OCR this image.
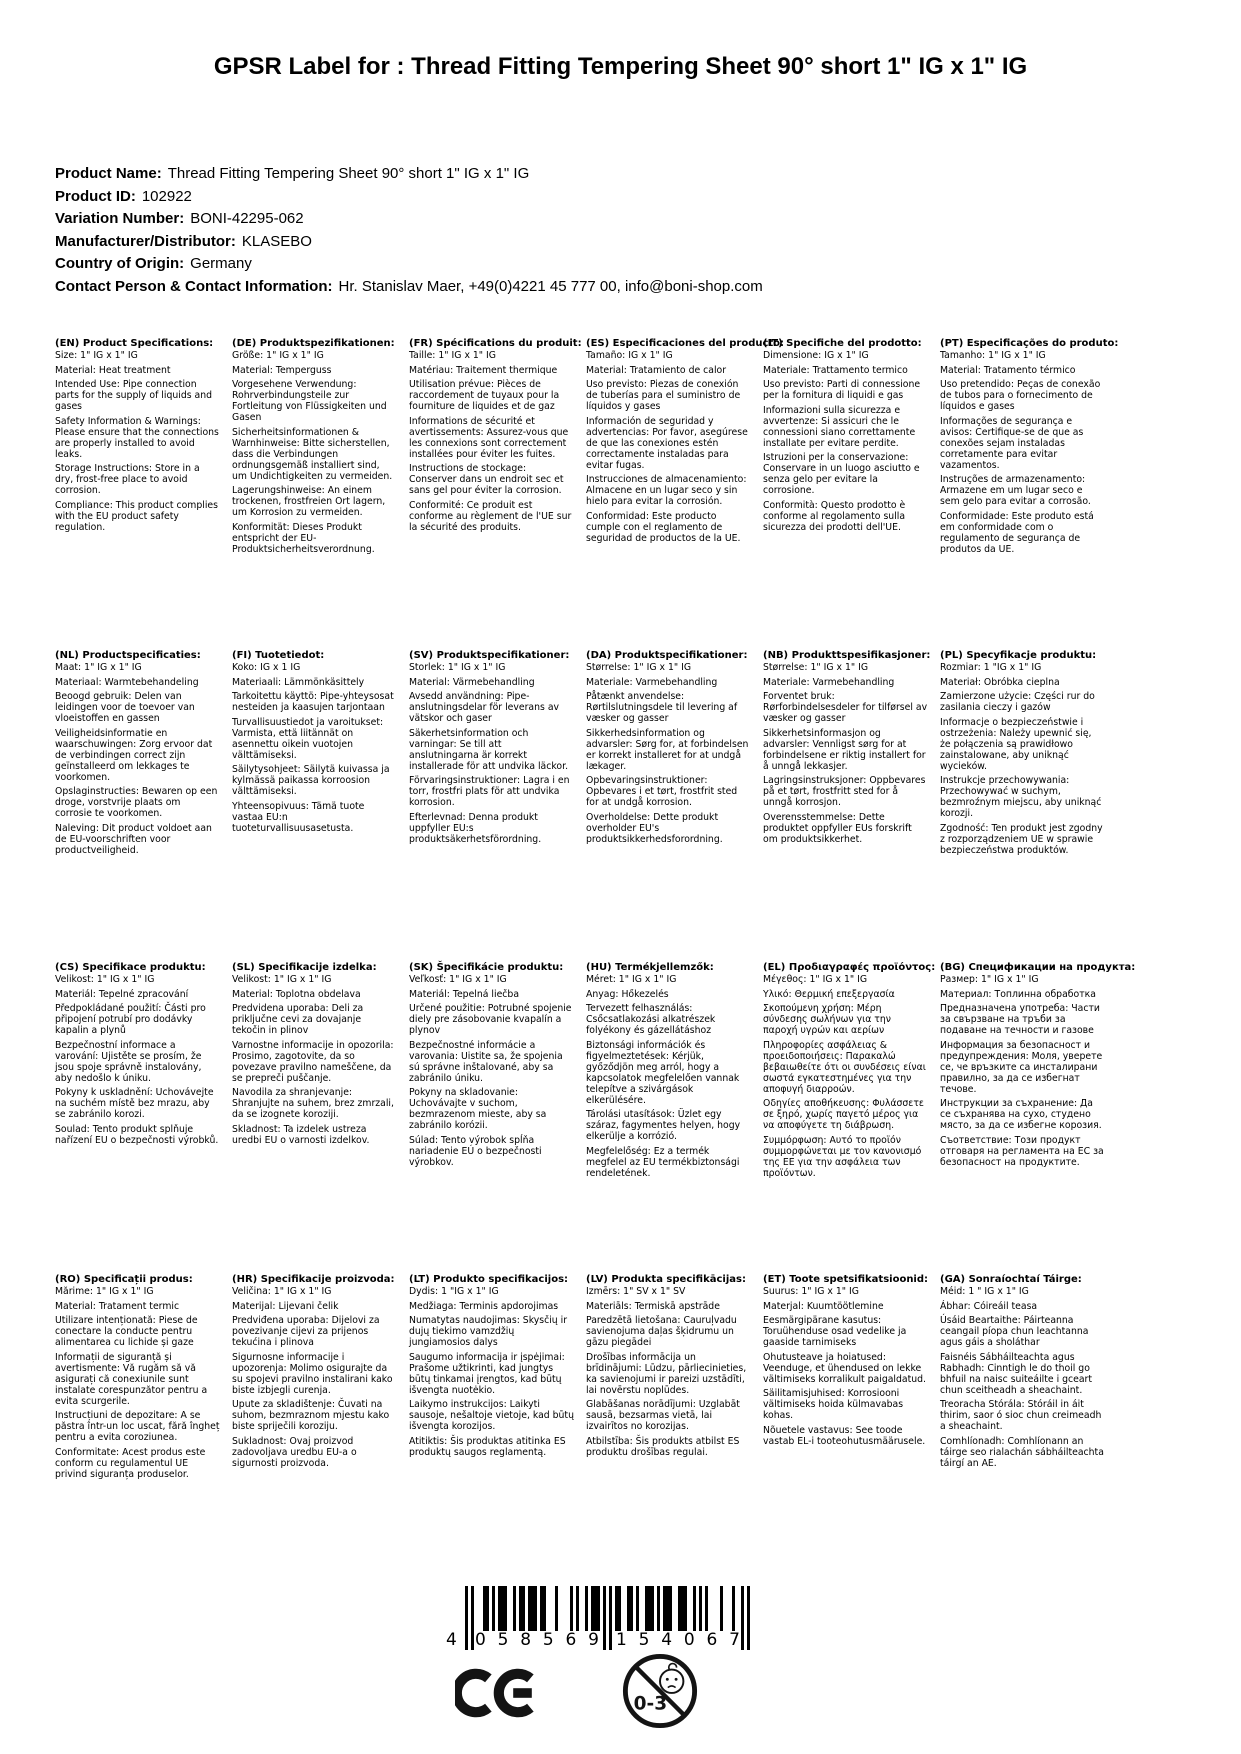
GPSR Label for : Thread Fitting Tempering Sheet 90° short 1" IG x 1" IG
Product Name: Thread Fitting Tempering Sheet 90° short 1" IG x 1" IG
Product ID: 102922
Variation Number: BONI-42295-062
Manufacturer/Distributor: KLASEBO
Country of Origin: Germany
Contact Person & Contact Information: Hr. Stanislav Maer, +49(0)4221 45 777 00, info@boni-shop.com
(EN) Product Specifications:
Size: 1" IG x 1" IG
Material: Heat treatment
Intended Use: Pipe connection parts for the supply of liquids and gases
Safety Information & Warnings: Please ensure that the connections are properly installed to avoid leaks.
Storage Instructions: Store in a dry, frost-free place to avoid corrosion.
Compliance: This product complies with the EU product safety regulation.
(DE) Produktspezifikationen:
Größe: 1" IG x 1" IG
Material: Temperguss
Vorgesehene Verwendung: Rohrverbindungsteile zur Fortleitung von Flüssigkeiten und Gasen
Sicherheitsinformationen & Warnhinweise: Bitte sicherstellen, dass die Verbindungen ordnungsgemäß installiert sind, um Undichtigkeiten zu vermeiden.
Lagerungshinweise: An einem trockenen, frostfreien Ort lagern, um Korrosion zu vermeiden.
Konformität: Dieses Produkt entspricht der EU-Produktsicherheitsverordnung.
(FR) Spécifications du produit:
Taille: 1" IG x 1" IG
Matériau: Traitement thermique
Utilisation prévue: Pièces de raccordement de tuyaux pour la fourniture de liquides et de gaz
Informations de sécurité et avertissements: Assurez-vous que les connexions sont correctement installées pour éviter les fuites.
Instructions de stockage: Conserver dans un endroit sec et sans gel pour éviter la corrosion.
Conformité: Ce produit est conforme au règlement de l'UE sur la sécurité des produits.
(ES) Especificaciones del producto:
Tamaño: IG x 1" IG
Material: Tratamiento de calor
Uso previsto: Piezas de conexión de tuberías para el suministro de líquidos y gases
Información de seguridad y advertencias: Por favor, asegúrese de que las conexiones estén correctamente instaladas para evitar fugas.
Instrucciones de almacenamiento: Almacene en un lugar seco y sin hielo para evitar la corrosión.
Conformidad: Este producto cumple con el reglamento de seguridad de productos de la UE.
(IT) Specifiche del prodotto:
Dimensione: IG x 1" IG
Materiale: Trattamento termico
Uso previsto: Parti di connessione per la fornitura di liquidi e gas
Informazioni sulla sicurezza e avvertenze: Si assicuri che le connessioni siano correttamente installate per evitare perdite.
Istruzioni per la conservazione: Conservare in un luogo asciutto e senza gelo per evitare la corrosione.
Conformità: Questo prodotto è conforme al regolamento sulla sicurezza dei prodotti dell'UE.
(PT) Especificações do produto:
Tamanho: 1" IG x 1" IG
Material: Tratamento térmico
Uso pretendido: Peças de conexão de tubos para o fornecimento de líquidos e gases
Informações de segurança e avisos: Certifique-se de que as conexões sejam instaladas corretamente para evitar vazamentos.
Instruções de armazenamento: Armazene em um lugar seco e sem gelo para evitar a corrosão.
Conformidade: Este produto está em conformidade com o regulamento de segurança de produtos da UE.
(NL) Productspecificaties:
Maat: 1" IG x 1" IG
Materiaal: Warmtebehandeling
Beoogd gebruik: Delen van leidingen voor de toevoer van vloeistoffen en gassen
Veiligheidsinformatie en waarschuwingen: Zorg ervoor dat de verbindingen correct zijn geïnstalleerd om lekkages te voorkomen.
Opslaginstructies: Bewaren op een droge, vorstvrije plaats om corrosie te voorkomen.
Naleving: Dit product voldoet aan de EU-voorschriften voor productveiligheid.
(FI) Tuotetiedot:
Koko: IG x 1 IG
Materiaali: Lämmönkäsittely
Tarkoitettu käyttö: Pipe-yhteysosat nesteiden ja kaasujen tarjontaan
Turvallisuustiedot ja varoitukset: Varmista, että liitännät on asennettu oikein vuotojen välttämiseksi.
Säilytysohjeet: Säilytä kuivassa ja kylmässä paikassa korroosion välttämiseksi.
Yhteensopivuus: Tämä tuote vastaa EU:n tuoteturvallisuusasetusta.
(SV) Produktspecifikationer:
Storlek: 1" IG x 1" IG
Material: Värmebehandling
Avsedd användning: Pipe-anslutningsdelar för leverans av vätskor och gaser
Säkerhetsinformation och varningar: Se till att anslutningarna är korrekt installerade för att undvika läckor.
Förvaringsinstruktioner: Lagra i en torr, frostfri plats för att undvika korrosion.
Efterlevnad: Denna produkt uppfyller EU:s produktsäkerhetsförordning.
(DA) Produktspecifikationer:
Størrelse: 1" IG x 1" IG
Materiale: Varmebehandling
Påtænkt anvendelse: Rørtilslutningsdele til levering af væsker og gasser
Sikkerhedsinformation og advarsler: Sørg for, at forbindelsen er korrekt installeret for at undgå lækager.
Opbevaringsinstruktioner: Opbevares i et tørt, frostfrit sted for at undgå korrosion.
Overholdelse: Dette produkt overholder EU's produktsikkerhedsforordning.
(NB) Produkttspesifikasjoner:
Størrelse: 1" IG x 1" IG
Materiale: Varmebehandling
Forventet bruk: Rørforbindelsesdeler for tilførsel av væsker og gasser
Sikkerhetsinformasjon og advarsler: Vennligst sørg for at forbindelsene er riktig installert for å unngå lekkasjer.
Lagringsinstruksjoner: Oppbevares på et tørt, frostfritt sted for å unngå korrosjon.
Overensstemmelse: Dette produktet oppfyller EUs forskrift om produktsikkerhet.
(PL) Specyfikacje produktu:
Rozmiar: 1 "IG x 1" IG
Materiał: Obróbka cieplna
Zamierzone użycie: Części rur do zasilania cieczy i gazów
Informacje o bezpieczeństwie i ostrzeżenia: Należy upewnić się, że połączenia są prawidłowo zainstalowane, aby uniknąć wycieków.
Instrukcje przechowywania: Przechowywać w suchym, bezmroźnym miejscu, aby uniknąć korozji.
Zgodność: Ten produkt jest zgodny z rozporządzeniem UE w sprawie bezpieczeństwa produktów.
(CS) Specifikace produktu:
Velikost: 1" IG x 1" IG
Materiál: Tepelné zpracování
Předpokládané použití: Části pro připojení potrubí pro dodávky kapalin a plynů
Bezpečnostní informace a varování: Ujistěte se prosím, že jsou spoje správně instalovány, aby nedošlo k úniku.
Pokyny k uskladnění: Uchovávejte na suchém místě bez mrazu, aby se zabránilo korozi.
Soulad: Tento produkt splňuje nařízení EU o bezpečnosti výrobků.
(SL) Specifikacije izdelka:
Velikost: 1" IG x 1" IG
Material: Toplotna obdelava
Predvidena uporaba: Deli za priključne cevi za dovajanje tekočin in plinov
Varnostne informacije in opozorila: Prosimo, zagotovite, da so povezave pravilno nameščene, da se prepreči puščanje.
Navodila za shranjevanje: Shranjujte na suhem, brez zmrzali, da se izognete koroziji.
Skladnost: Ta izdelek ustreza uredbi EU o varnosti izdelkov.
(SK) Špecifikácie produktu:
Veľkosť: 1" IG x 1" IG
Materiál: Tepelná liečba
Určené použitie: Potrubné spojenie diely pre zásobovanie kvapalín a plynov
Bezpečnostné informácie a varovania: Uistite sa, že spojenia sú správne inštalované, aby sa zabránilo úniku.
Pokyny na skladovanie: Uchovávajte v suchom, bezmrazenom mieste, aby sa zabránilo korózii.
Súlad: Tento výrobok spĺňa nariadenie EÚ o bezpečnosti výrobkov.
(HU) Termékjellemzők:
Méret: 1" IG x 1" IG
Anyag: Hőkezelés
Tervezett felhasználás: Csőcsatlakozási alkatrészek folyékony és gázellátáshoz
Biztonsági információk és figyelmeztetések: Kérjük, győződjön meg arról, hogy a kapcsolatok megfelelően vannak telepítve a szivárgások elkerülésére.
Tárolási utasítások: Üzlet egy száraz, fagymentes helyen, hogy elkerülje a korrózió.
Megfelelőség: Ez a termék megfelel az EU termékbiztonsági rendeletének.
(EL) Προδιαγραφές προϊόντος:
Μέγεθος: 1" IG x 1" IG
Υλικό: Θερμική επεξεργασία
Σκοπούμενη χρήση: Μέρη σύνδεσης σωλήνων για την παροχή υγρών και αερίων
Πληροφορίες ασφάλειας & προειδοποιήσεις: Παρακαλώ βεβαιωθείτε ότι οι συνδέσεις είναι σωστά εγκατεστημένες για την αποφυγή διαρροών.
Οδηγίες αποθήκευσης: Φυλάσσετε σε ξηρό, χωρίς παγετό μέρος για να αποφύγετε τη διάβρωση.
Συμμόρφωση: Αυτό το προϊόν συμμορφώνεται με τον κανονισμό της ΕΕ για την ασφάλεια των προϊόντων.
(BG) Спецификации на продукта:
Размер: 1" IG x 1" IG
Материал: Топлинна обработка
Предназначена употреба: Части за свързване на тръби за подаване на течности и газове
Информация за безопасност и предупреждения: Моля, уверете се, че връзките са инсталирани правилно, за да се избегнат течове.
Инструкции за съхранение: Да се съхранява на сухо, студено място, за да се избегне корозия.
Съответствие: Този продукт отговаря на регламента на ЕС за безопасност на продуктите.
(RO) Specificații produs:
Mărime: 1" IG x 1" IG
Material: Tratament termic
Utilizare intenționată: Piese de conectare la conducte pentru alimentarea cu lichide și gaze
Informații de siguranță și avertismente: Vă rugăm să vă asigurați că conexiunile sunt instalate corespunzător pentru a evita scurgerile.
Instrucțiuni de depozitare: A se păstra într-un loc uscat, fără îngheț pentru a evita coroziunea.
Conformitate: Acest produs este conform cu regulamentul UE privind siguranța produselor.
(HR) Specifikacije proizvoda:
Veličina: 1" IG x 1" IG
Materijal: Lijevani čelik
Predviđena uporaba: Dijelovi za povezivanje cijevi za prijenos tekućina i plinova
Sigurnosne informacije i upozorenja: Molimo osigurajte da su spojevi pravilno instalirani kako biste izbjegli curenja.
Upute za skladištenje: Čuvati na suhom, bezmraznom mjestu kako biste spriječili koroziju.
Sukladnost: Ovaj proizvod zadovoljava uredbu EU-a o sigurnosti proizvoda.
(LT) Produkto specifikacijos:
Dydis: 1 "IG x 1" IG
Medžiaga: Terminis apdorojimas
Numatytas naudojimas: Skysčių ir dujų tiekimo vamzdžių jungiamosios dalys
Saugumo informacija ir įspėjimai: Prašome užtikrinti, kad jungtys būtų tinkamai įrengtos, kad būtų išvengta nuotėkio.
Laikymo instrukcijos: Laikyti sausoje, nešaltoje vietoje, kad būtų išvengta korozijos.
Atitiktis: Šis produktas atitinka ES produktų saugos reglamentą.
(LV) Produkta specifikācijas:
Izmērs: 1" SV x 1" SV
Materiāls: Termiskā apstrāde
Paredzētā lietošana: Cauruļvadu savienojuma daļas šķidrumu un gāzu piegādei
Drošības informācija un brīdinājumi: Lūdzu, pārliecinieties, ka savienojumi ir pareizi uzstādīti, lai novērstu noplūdes.
Glabāšanas norādījumi: Uzglabāt sausā, bezsarmas vietā, lai izvairītos no korozijas.
Atbilstība: Šis produkts atbilst ES produktu drošības regulai.
(ET) Toote spetsifikatsioonid:
Suurus: 1" IG x 1" IG
Materjal: Kuumtöötlemine
Eesmärgipärane kasutus: Toruühenduse osad vedelike ja gaaside tarnimiseks
Ohutusteave ja hoiatused: Veenduge, et ühendused on lekke vältimiseks korralikult paigaldatud.
Säilitamisjuhised: Korrosiooni vältimiseks hoida külmavabas kohas.
Nõuetele vastavus: See toode vastab EL-i tooteohutusmäärusele.
(GA) Sonraíochtaí Táirge:
Méid: 1 " IG x 1" IG
Ábhar: Cóireáil teasa
Úsáid Beartaithe: Páirteanna ceangail píopa chun leachtanna agus gáis a sholáthar
Faisnéis Sábháilteachta agus Rabhadh: Cinntigh le do thoil go bhfuil na naisc suiteáilte i gceart chun sceitheadh a sheachaint.
Treoracha Stórála: Stóráil in áit thirim, saor ó sioc chun creimeadh a sheachaint.
Comhlíonadh: Comhlíonann an táirge seo rialachán sábháilteachta táirgí an AE.
4 0 5 8 5 6 9 1 5 4 0 6 7
0-3
